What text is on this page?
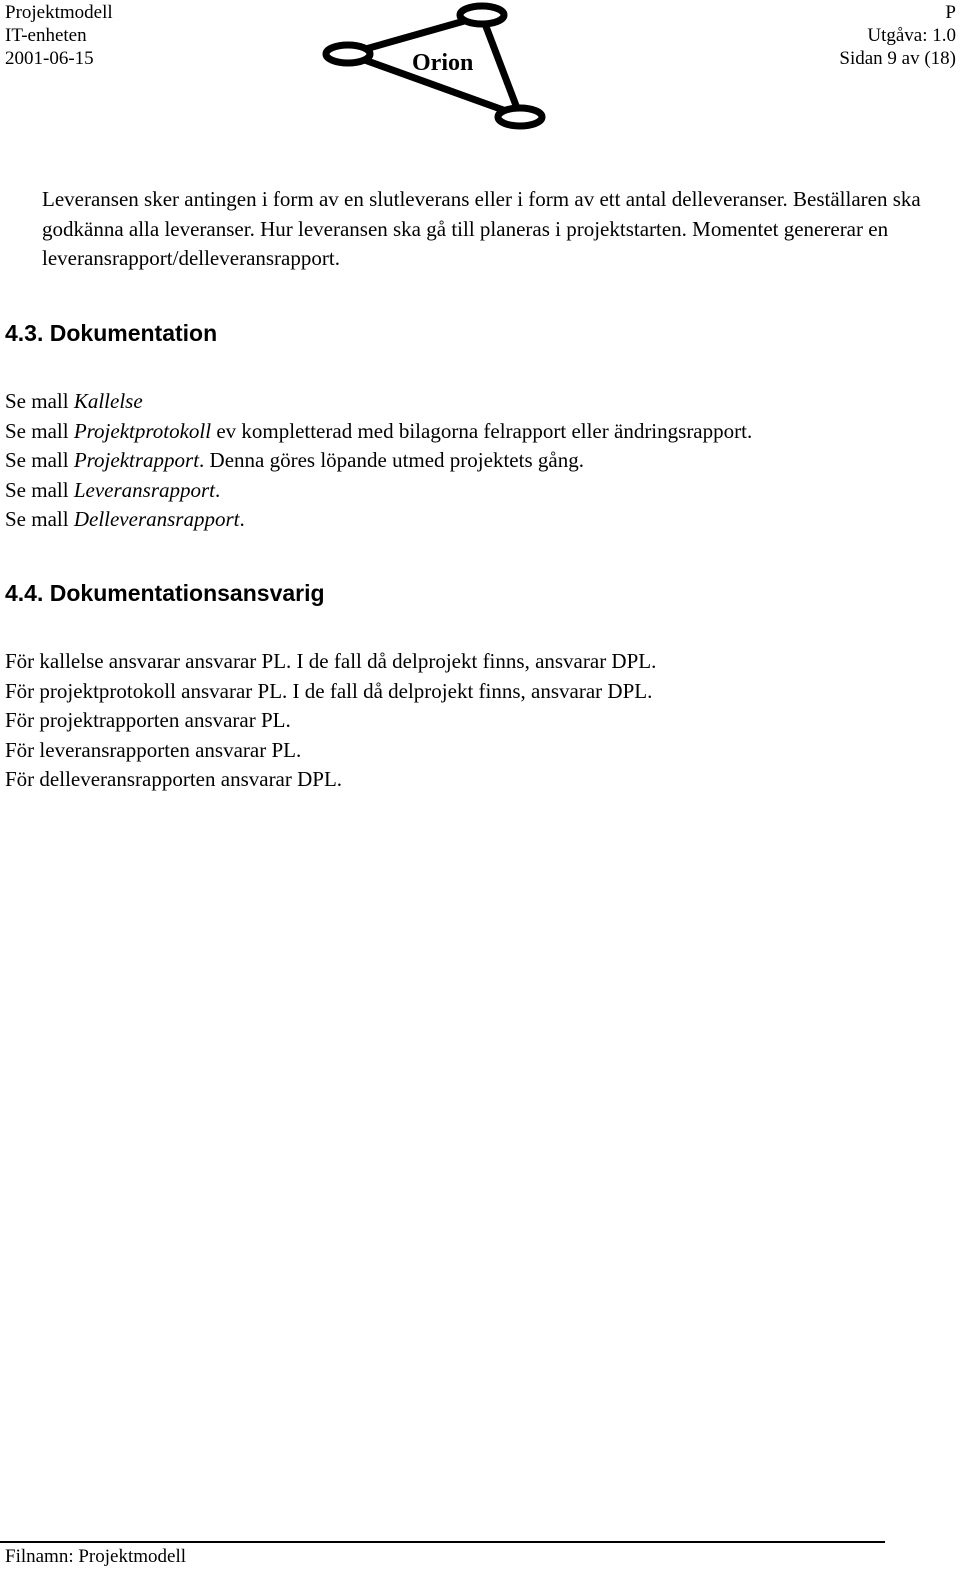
Projektmodell
IT-enheten
2001-06-15	Orion
P
Utgåva: 1.0
Sidan 9 av (18)
Leveransen sker antingen i form av en slutleverans eller i form av ett antal delleveranser. Beställaren ska godkänna alla leveranser. Hur leveransen ska gå till planeras i projektstarten. Momentet genererar en leveransrapport/delleveransrapport.
4.3. Dokumentation
Se mall Kallelse
Se mall Projektprotokoll ev kompletterad med bilagorna felrapport eller ändringsrapport.
Se mall Projektrapport. Denna göres löpande utmed projektets gång.
Se mall Leveransrapport.
Se mall Delleveransrapport.
4.4. Dokumentationsansvarig
För kallelse ansvarar ansvarar PL. I de fall då delprojekt finns, ansvarar DPL.
För projektprotokoll ansvarar PL. I de fall då delprojekt finns, ansvarar DPL.
För projektrapporten ansvarar PL.
För leveransrapporten ansvarar PL.
För delleveransrapporten ansvarar DPL.
Filnamn: Projektmodell
